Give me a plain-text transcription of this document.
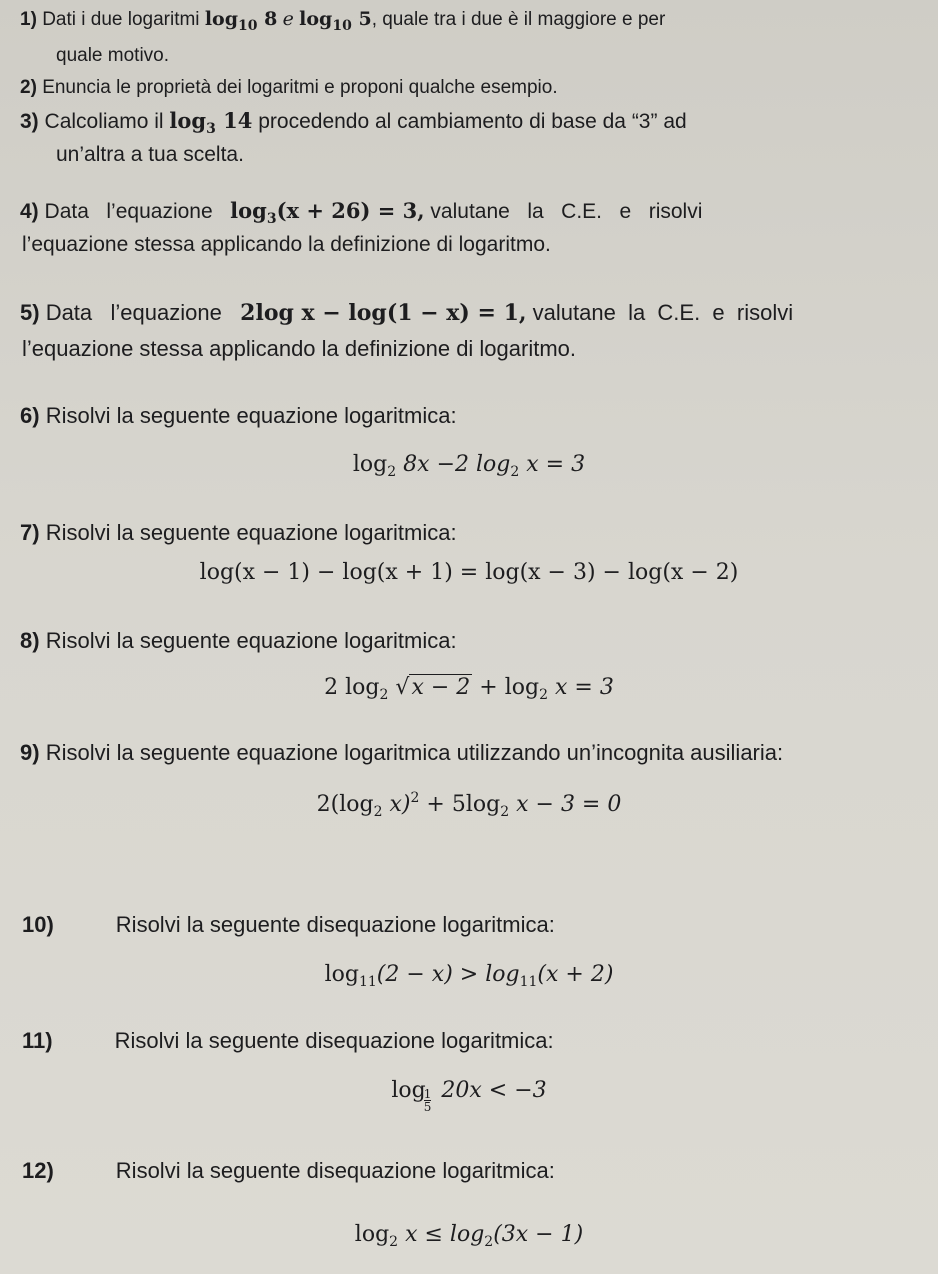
1) Dati i due logaritmi $\log_{10} 8$ e $\log_{10} 5$, quale tra i due è il maggiore e per
quale motivo.
2) Enuncia le proprietà dei logaritmi e proponi qualche esempio.
3) Calcoliamo il $\log_3 14$ procedendo al cambiamento di base da “3” ad
un’altra a tua scelta.
4) Data   l’equazione $\log_3(x + 26) = 3$, valutane   la   C.E.   e   risolvi
l’equazione stessa applicando la definizione di logaritmo.
5) Data   l’equazione 2log x − log(1 − x) = 1, valutane  la  C.E.  e  risolvi
l’equazione stessa applicando la definizione di logaritmo.
6) Risolvi la seguente equazione logaritmica:
$\log_2 8x -2$ $\log_2 x = 3$
7) Risolvi la seguente equazione logaritmica:
log(x − 1) − log(x + 1) = log(x − 3) − log(x − 2)
8) Risolvi la seguente equazione logaritmica:
2 $\log_2 √x - 2 + \log_2 x = 3$
9) Risolvi la seguente equazione logaritmica utilizzando un’incognita ausiliaria:
$2(\log_2$ $x)^2 + 5\log_2$ x − 3 = 0
10)	Risolvi la seguente disequazione logaritmica:
$\log_{11}(2 - x) > \log_{11}(x + 2)$
11)	Risolvi la seguente disequazione logaritmica:
log
$\frac{1}{5} 20x < -3$
12)	Risolvi la seguente disequazione logaritmica:
$\log_2 x \le \log_2(3x - 1)$
